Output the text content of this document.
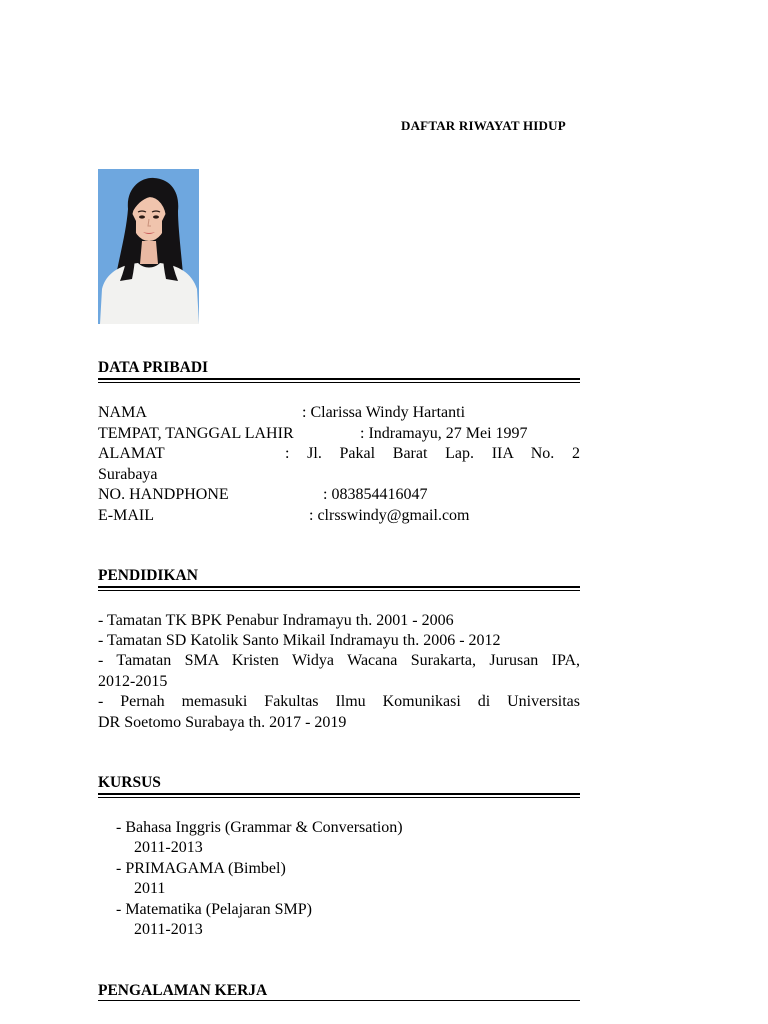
DAFTAR RIWAYAT HIDUP
DATA PRIBADI
NAMA	: Clarissa Windy Hartanti
TEMPAT, TANGGAL LAHIR	: Indramayu, 27 Mei 1997
ALAMAT	: Jl. Pakal Barat Lap. IIA No. 2
Surabaya
NO. HANDPHONE	: 083854416047
E-MAIL	: clrsswindy@gmail.com
PENDIDIKAN
- Tamatan TK BPK Penabur Indramayu th. 2001 - 2006
- Tamatan SD Katolik Santo Mikail Indramayu th. 2006 - 2012
- Tamatan SMA Kristen Widya Wacana Surakarta, Jurusan IPA,
2012-2015
- Pernah memasuki Fakultas Ilmu Komunikasi di Universitas
DR Soetomo Surabaya th. 2017 - 2019
KURSUS
- Bahasa Inggris (Grammar & Conversation)
2011-2013
- PRIMAGAMA (Bimbel)
2011
- Matematika (Pelajaran SMP)
2011-2013
PENGALAMAN KERJA
